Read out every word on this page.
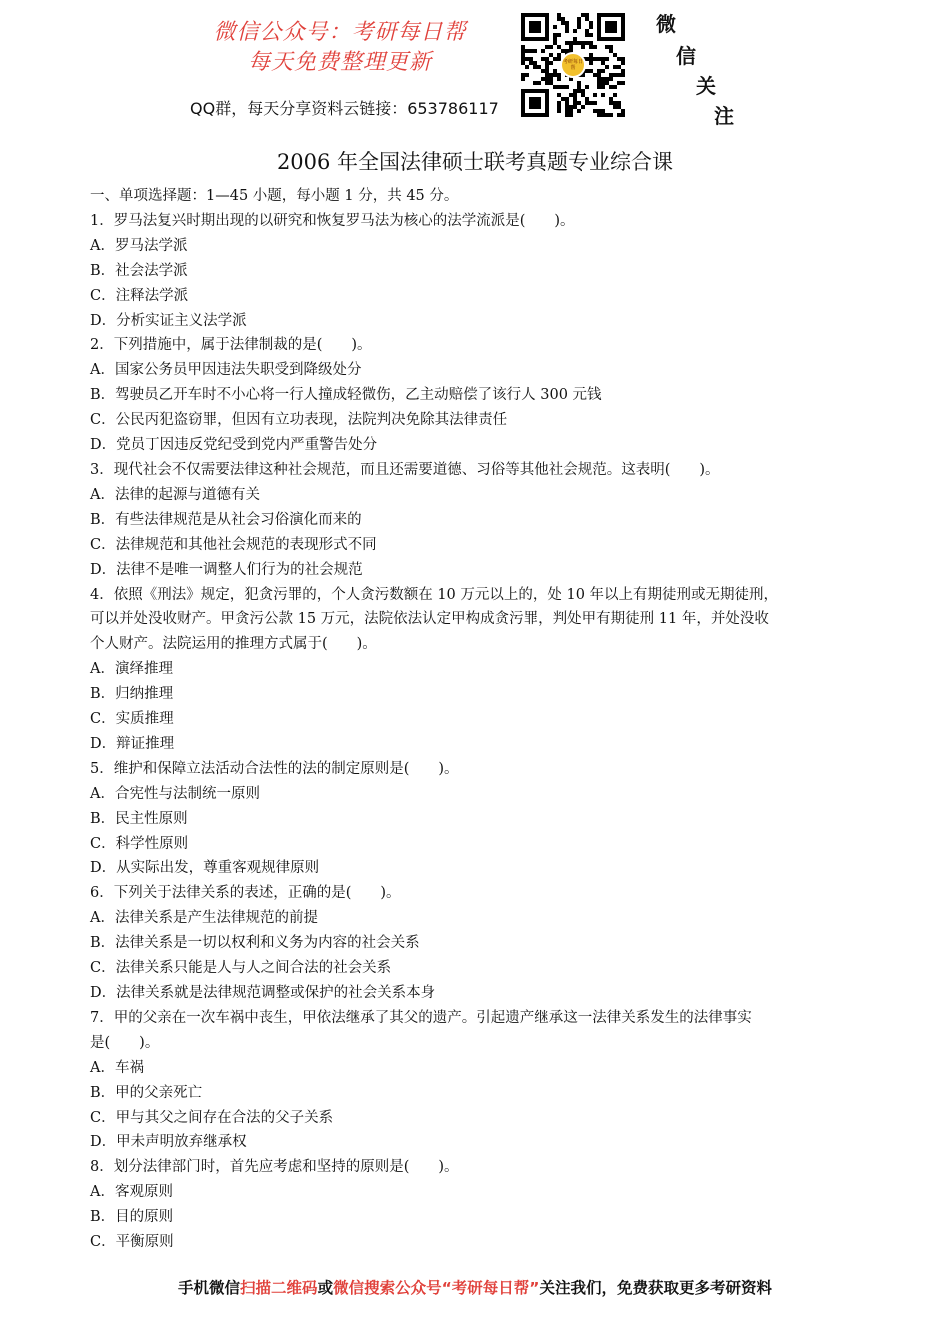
微信公众号：考研每日帮
每天免费整理更新
QQ群，每天分享资料云链接：653786117
考研每日帮
微
信
关
注
2006 年全国法律硕士联考真题专业综合课

一、单项选择题：1—45 小题，每小题 1 分，共 45 分。

1．罗马法复兴时期出现的以研究和恢复罗马法为核心的法学流派是(　　)。

A．罗马法学派

B．社会法学派

C．注释法学派

D．分析实证主义法学派

2．下列措施中，属于法律制裁的是(　　)。

A．国家公务员甲因违法失职受到降级处分

B．驾驶员乙开车时不小心将一行人撞成轻微伤，乙主动赔偿了该行人 300 元钱

C．公民丙犯盗窃罪，但因有立功表现，法院判决免除其法律责任

D．党员丁因违反党纪受到党内严重警告处分

3．现代社会不仅需要法律这种社会规范，而且还需要道德、习俗等其他社会规范。这表明(　　)。

A．法律的起源与道德有关

B．有些法律规范是从社会习俗演化而来的

C．法律规范和其他社会规范的表现形式不同

D．法律不是唯一调整人们行为的社会规范

4．依照《刑法》规定，犯贪污罪的，个人贪污数额在 10 万元以上的，处 10 年以上有期徒刑或无期徒刑，

可以并处没收财产。甲贪污公款 15 万元，法院依法认定甲构成贪污罪，判处甲有期徒刑 11 年，并处没收

个人财产。法院运用的推理方式属于(　　)。

A．演绎推理

B．归纳推理

C．实质推理

D．辩证推理

5．维护和保障立法活动合法性的法的制定原则是(　　)。

A．合宪性与法制统一原则

B．民主性原则

C．科学性原则

D．从实际出发，尊重客观规律原则

6．下列关于法律关系的表述，正确的是(　　)。

A．法律关系是产生法律规范的前提

B．法律关系是一切以权利和义务为内容的社会关系

C．法律关系只能是人与人之间合法的社会关系

D．法律关系就是法律规范调整或保护的社会关系本身

7．甲的父亲在一次车祸中丧生，甲依法继承了其父的遗产。引起遗产继承这一法律关系发生的法律事实

是(　　)。

A．车祸

B．甲的父亲死亡

C．甲与其父之间存在合法的父子关系

D．甲未声明放弃继承权

8．划分法律部门时，首先应考虑和坚持的原则是(　　)。

A．客观原则

B．目的原则

C．平衡原则

手机微信扫描二维码或微信搜索公众号“考研每日帮”关注我们，免费获取更多考研资料
